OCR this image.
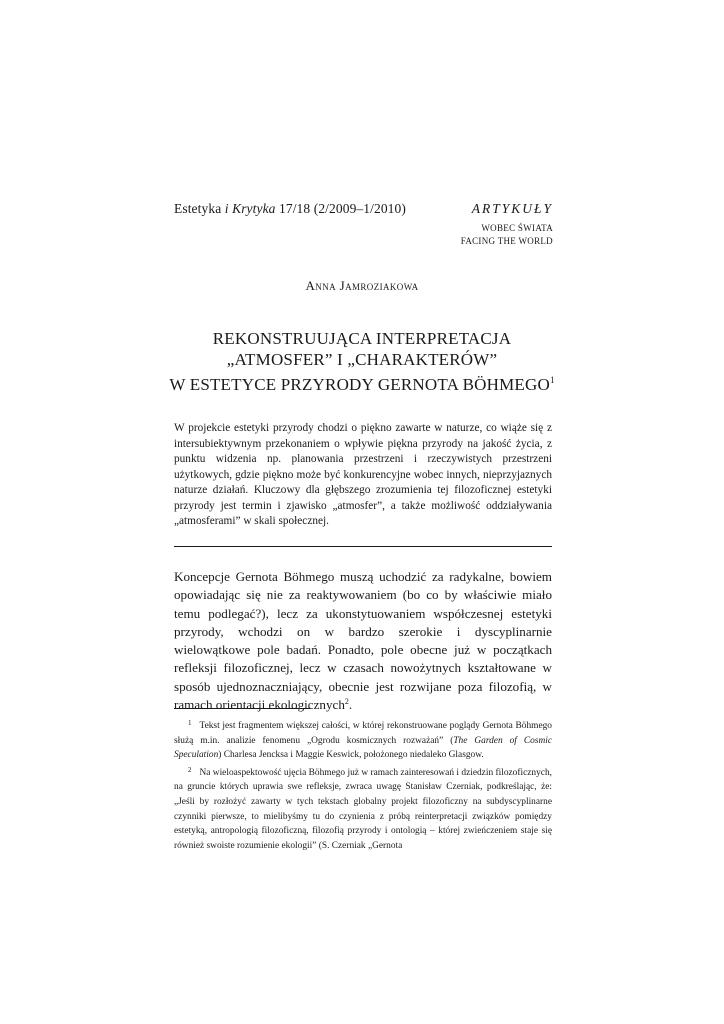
Estetyka i Krytyka 17/18 (2/2009–1/2010)	ARTYKUŁY
WOBEC ŚWIATA
FACING THE WORLD
Anna Jamroziakowa
REKONSTRUUJĄCA INTERPRETACJA
„ATMOSFER” I „CHARAKTERÓW”
W ESTETYCE PRZYRODY GERNOTA BÖHMEGO$^1$

W projekcie estetyki przyrody chodzi o piękno zawarte w naturze, co wiąże się z intersubiektywnym przekonaniem o wpływie piękna przyrody na jakość życia, z punktu widzenia np. planowania przestrzeni i rzeczywistych przestrzeni użytkowych, gdzie piękno może być konkurencyjne wobec innych, nieprzyjaznych naturze działań. Kluczowy dla głębszego zrozumienia tej filozoficznej estetyki przyrody jest termin i zjawisko „atmosfer”, a także możliwość oddziaływania „atmosferami” w skali społecznej.

Koncepcje Gernota Böhmego muszą uchodzić za radykalne, bowiem opowiadając się nie za reaktywowaniem (bo co by właściwie miało temu podlegać?), lecz za ukonstytuowaniem współczesnej estetyki przyrody, wchodzi on w bardzo szerokie i dyscyplinarnie wielowątkowe pole badań. Ponadto, pole obecne już w początkach refleksji filozoficznej, lecz w czasach nowożytnych kształtowane w sposób ujednoznaczniający, obecnie jest rozwijane poza filozofią, w ramach orientacji ekologicznych$^2$.

$^1$ Tekst jest fragmentem większej całości, w której rekonstruowane poglądy Gernota Böhmego służą m.in. analizie fenomenu „Ogrodu kosmicznych rozważań” (The Garden of Cosmic Speculation) Charlesa Jencksa i Maggie Keswick, położonego niedaleko Glasgow.

$^2$ Na wieloaspektowość ujęcia Böhmego już w ramach zainteresowań i dziedzin filozoficznych, na gruncie których uprawia swe refleksje, zwraca uwagę Stanisław Czerniak, podkreślając, że: „Jeśli by rozłożyć zawarty w tych tekstach globalny projekt filozoficzny na subdyscyplinarne czynniki pierwsze, to mielibyśmy tu do czynienia z próbą reinterpretacji związków pomiędzy estetyką, antropologią filozoficzną, filozofią przyrody i ontologią – której zwieńczeniem staje się również swoiste rozumienie ekologii” (S. Czerniak „Gernota
